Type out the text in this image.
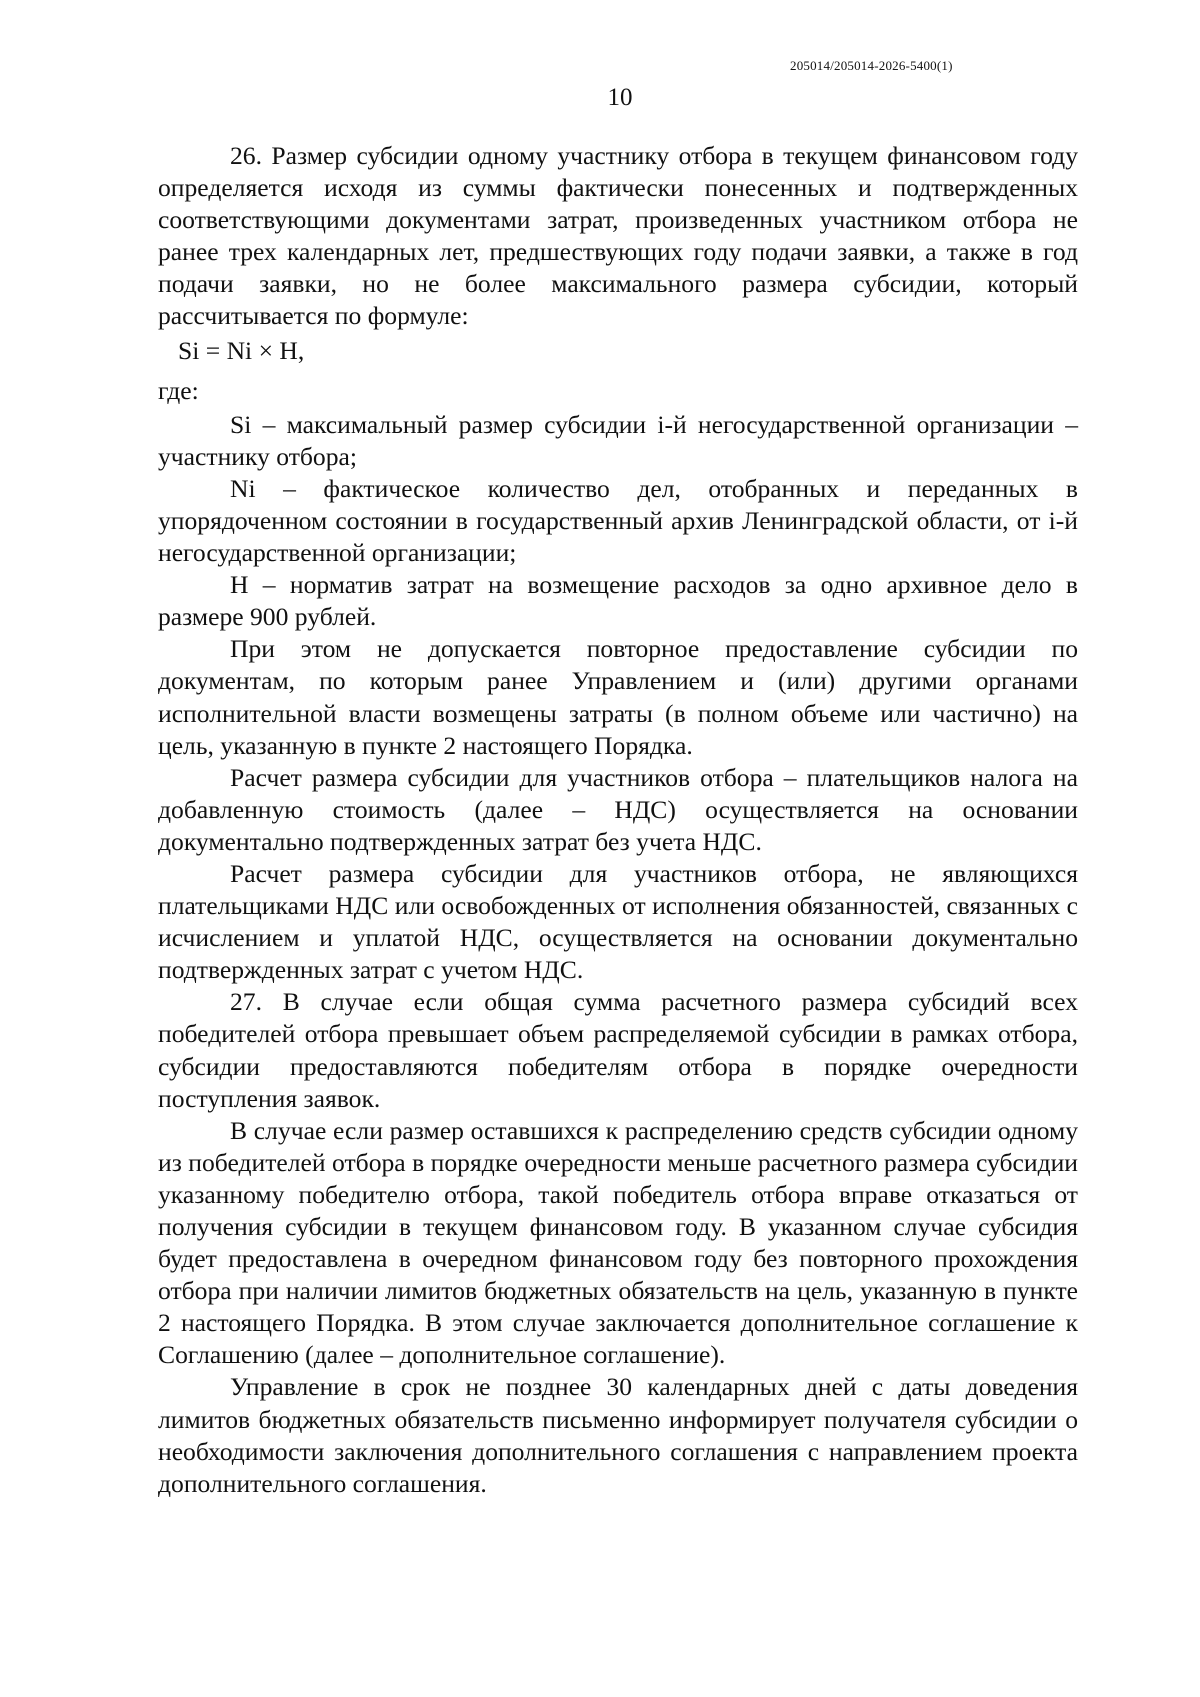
205014/205014-2026-5400(1)
10

26. Размер субсидии одному участнику отбора в текущем финансовом году определяется исходя из суммы фактически понесенных и подтвержденных соответствующими документами затрат, произведенных участником отбора не ранее трех календарных лет, предшествующих году подачи заявки, а также в год подачи заявки, но не более максимального размера субсидии, который рассчитывается по формуле:

Si = Ni × H,

где:

Si – максимальный размер субсидии i-й негосударственной организации – участнику отбора;

Ni – фактическое количество дел, отобранных и переданных в упорядоченном состоянии в государственный архив Ленинградской области, от i-й негосударственной организации;

Н – норматив затрат на возмещение расходов за одно архивное дело в размере 900 рублей.

При этом не допускается повторное предоставление субсидии по документам, по которым ранее Управлением и (или) другими органами исполнительной власти возмещены затраты (в полном объеме или частично) на цель, указанную в пункте 2 настоящего Порядка.

Расчет размера субсидии для участников отбора – плательщиков налога на добавленную стоимость (далее – НДС) осуществляется на основании документально подтвержденных затрат без учета НДС.

Расчет размера субсидии для участников отбора, не являющихся плательщиками НДС или освобожденных от исполнения обязанностей, связанных с исчислением и уплатой НДС, осуществляется на основании документально подтвержденных затрат с учетом НДС.

27. В случае если общая сумма расчетного размера субсидий всех победителей отбора превышает объем распределяемой субсидии в рамках отбора, субсидии предоставляются победителям отбора в порядке очередности поступления заявок.

В случае если размер оставшихся к распределению средств субсидии одному из победителей отбора в порядке очередности меньше расчетного размера субсидии указанному победителю отбора, такой победитель отбора вправе отказаться от получения субсидии в текущем финансовом году. В указанном случае субсидия будет предоставлена в очередном финансовом году без повторного прохождения отбора при наличии лимитов бюджетных обязательств на цель, указанную в пункте 2 настоящего Порядка. В этом случае заключается дополнительное соглашение к Соглашению (далее – дополнительное соглашение).

Управление в срок не позднее 30 календарных дней с даты доведения лимитов бюджетных обязательств письменно информирует получателя субсидии о необходимости заключения дополнительного соглашения с направлением проекта дополнительного соглашения.
